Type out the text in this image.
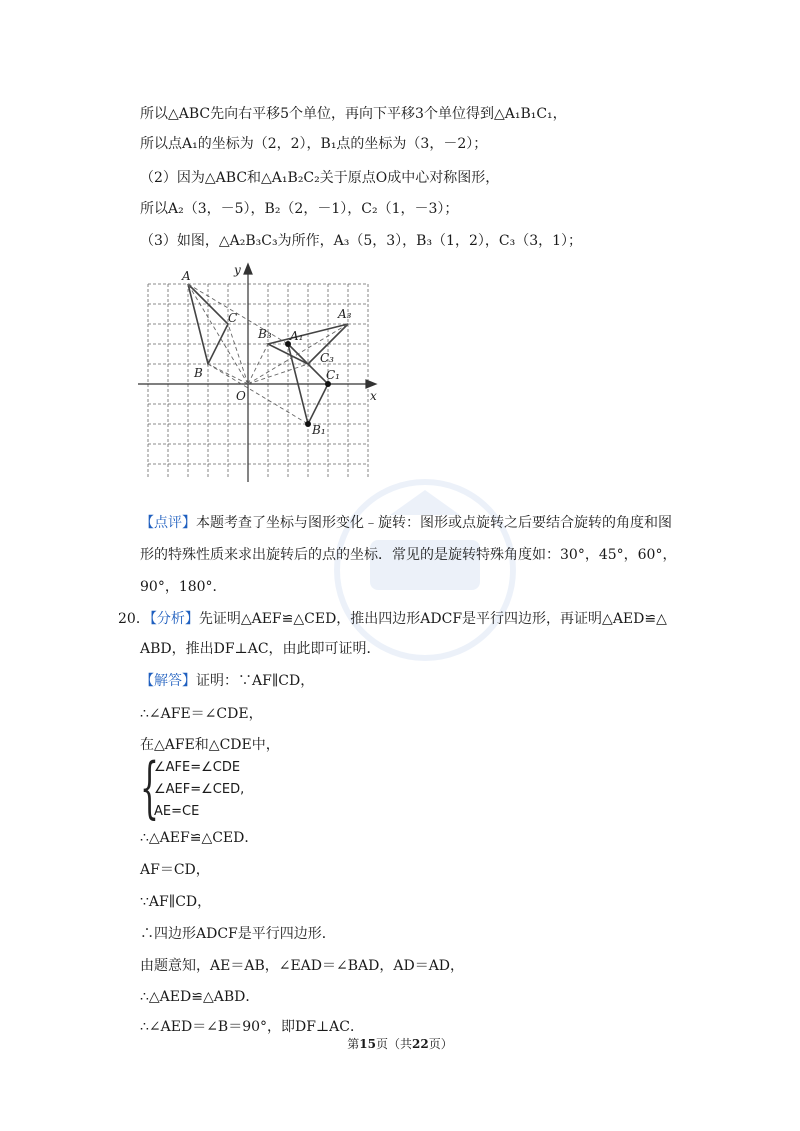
所以△ABC先向右平移5个单位，再向下平移3个单位得到△A₁B₁C₁，
所以点A₁的坐标为（2，2），B₁点的坐标为（3，－2）；
（2）因为△ABC和△A₁B₂C₂关于原点O成中心对称图形，
所以A₂（3，－5），B₂（2，－1），C₂（1，－3）；
（3）如图，△A₂B₃C₃为所作，A₃（5，3），B₃（1，2），C₃（3，1）；
A
B
C
A₁
B₁
C₁
B₃
C₃
A₃
O	x
y
【点评】本题考查了坐标与图形变化﹣旋转：图形或点旋转之后要结合旋转的角度和图
形的特殊性质来求出旋转后的点的坐标．常见的是旋转特殊角度如：30°，45°，60°，
90°，180°．
20．【分析】先证明△AEF≌△CED，推出四边形ADCF是平行四边形，再证明△AED≌△
ABD，推出DF⊥AC，由此即可证明．
【解答】证明：∵AF∥CD，
∴∠AFE＝∠CDE，
在△AFE和△CDE中，
{
∠AFE=∠CDE
∠AEF=∠CED,
AE=CE
∴△AEF≌△CED．
AF＝CD，
∵AF∥CD，
∴四边形ADCF是平行四边形．
由题意知，AE＝AB，∠EAD＝∠BAD，AD＝AD，
∴△AED≌△ABD．
∴∠AED＝∠B＝90°，即DF⊥AC．
第15页（共22页）
